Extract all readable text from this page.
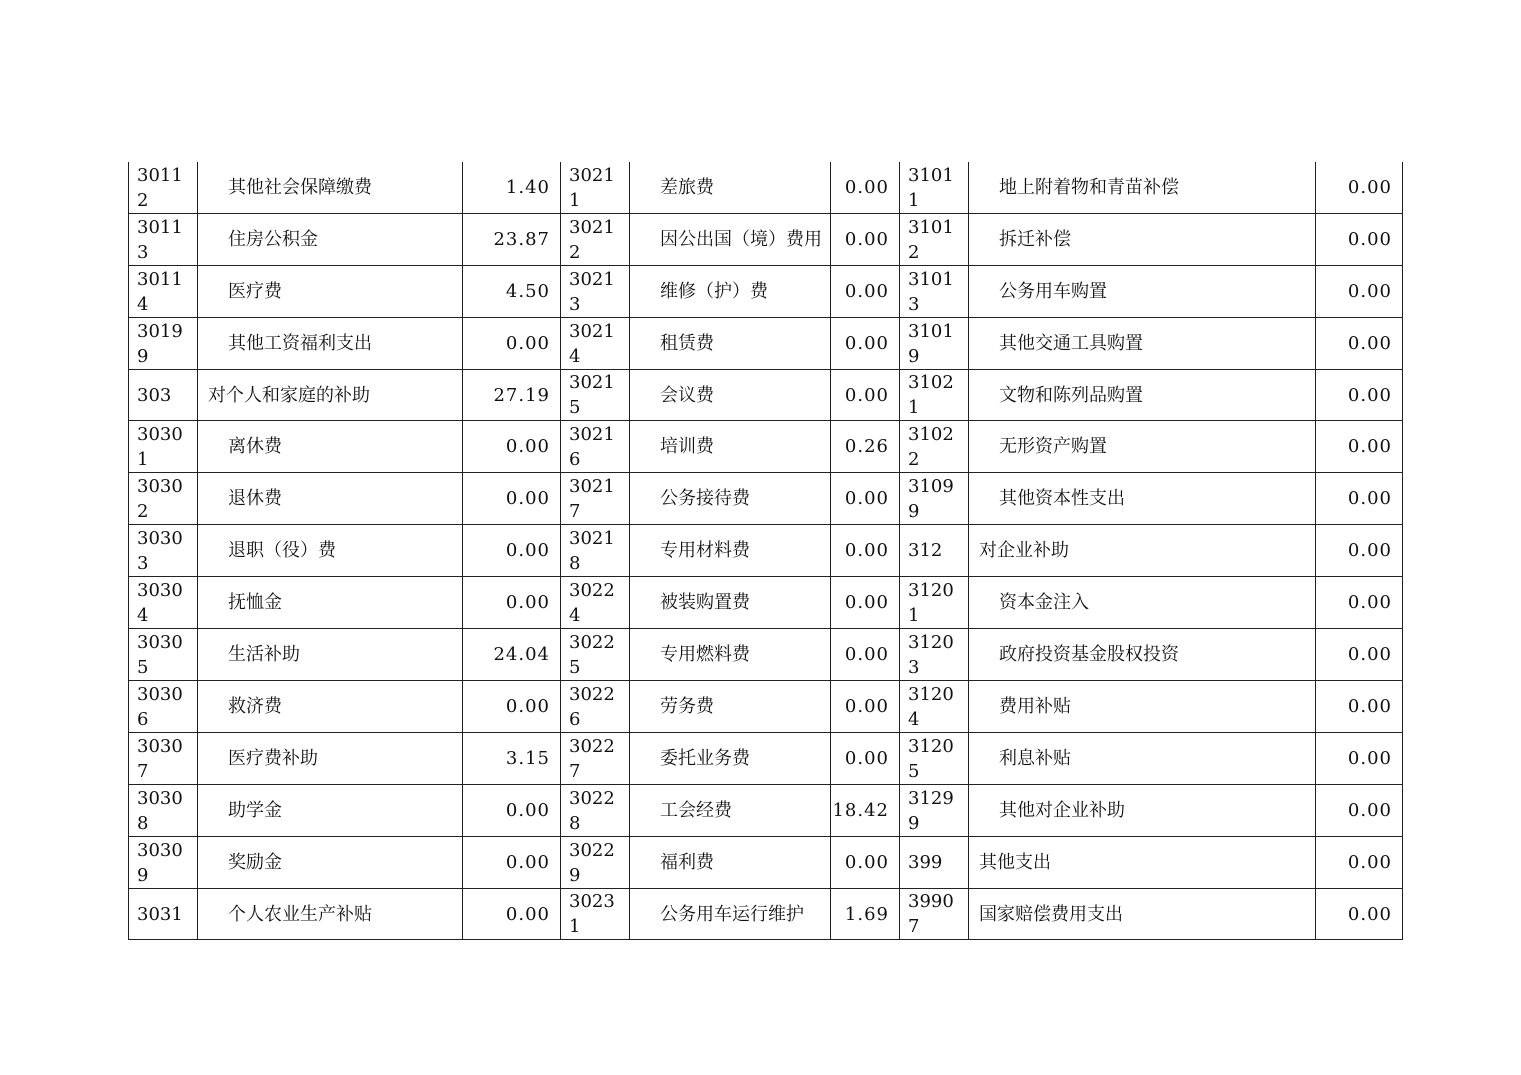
30112	其他社会保障缴费	1.40	30211	差旅费	0.00	31011	地上附着物和青苗补偿	0.00
30113	住房公积金	23.87	30212	因公出国（境）费用	0.00	31012	拆迁补偿	0.00
30114	医疗费	4.50	30213	维修（护）费	0.00	31013	公务用车购置	0.00
30199	其他工资福利支出	0.00	30214	租赁费	0.00	31019	其他交通工具购置	0.00
303	对个人和家庭的补助	27.19	30215	会议费	0.00	31021	文物和陈列品购置	0.00
30301	离休费	0.00	30216	培训费	0.26	31022	无形资产购置	0.00
30302	退休费	0.00	30217	公务接待费	0.00	31099	其他资本性支出	0.00
30303	退职（役）费	0.00	30218	专用材料费	0.00	312	对企业补助	0.00
30304	抚恤金	0.00	30224	被装购置费	0.00	31201	资本金注入	0.00
30305	生活补助	24.04	30225	专用燃料费	0.00	31203	政府投资基金股权投资	0.00
30306	救济费	0.00	30226	劳务费	0.00	31204	费用补贴	0.00
30307	医疗费补助	3.15	30227	委托业务费	0.00	31205	利息补贴	0.00
30308	助学金	0.00	30228	工会经费	18.42	31299	其他对企业补助	0.00
30309	奖励金	0.00	30229	福利费	0.00	399	其他支出	0.00
3031	个人农业生产补贴	0.00	30231	公务用车运行维护	1.69	39907	国家赔偿费用支出	0.00
